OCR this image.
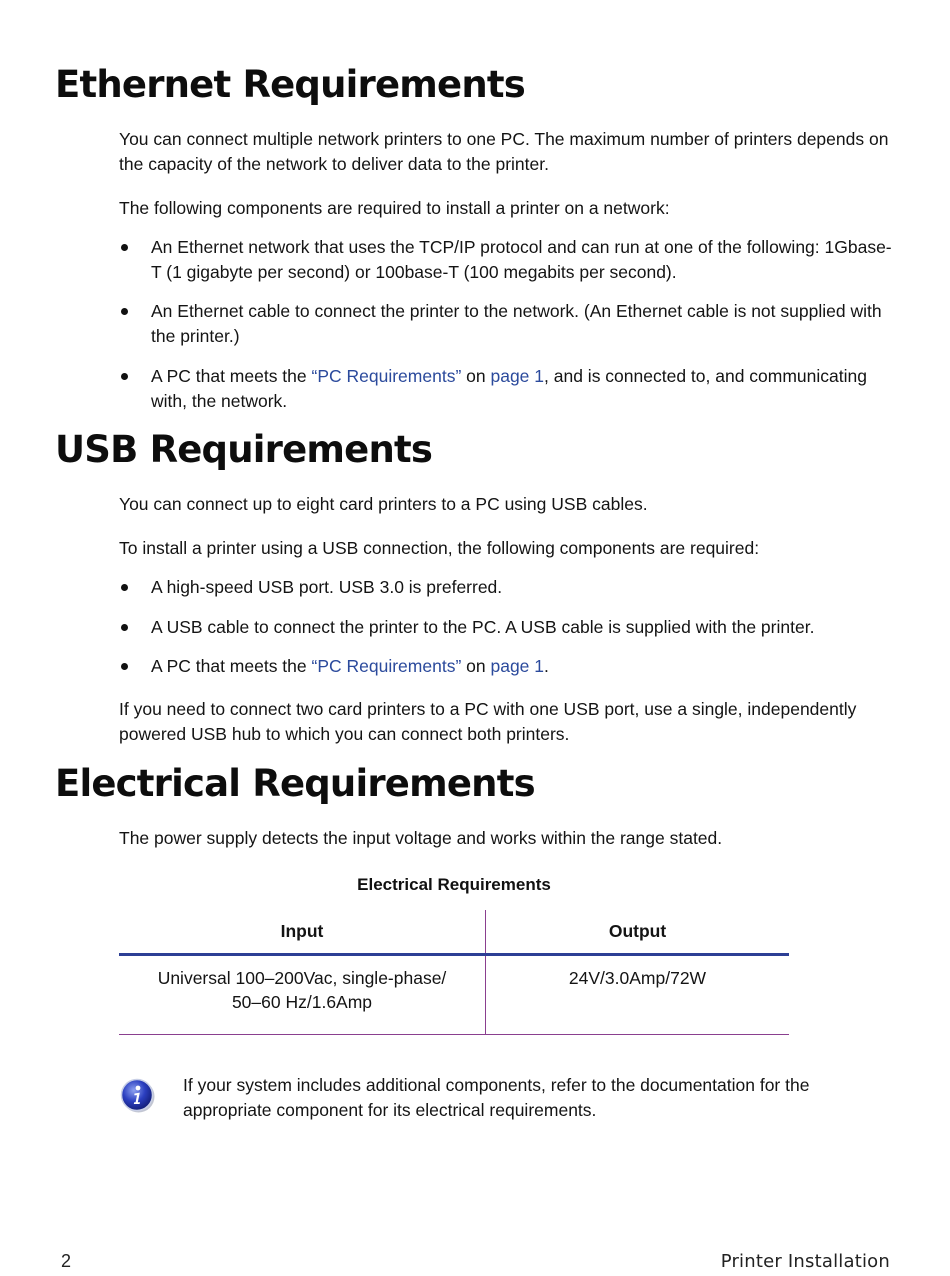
Ethernet Requirements

You can connect multiple network printers to one PC. The maximum number of printers depends on the capacity of the network to deliver data to the printer.

The following components are required to install a printer on a network:

An Ethernet network that uses the TCP/IP protocol and can run at one of the following: 1Gbase-T (1 gigabyte per second) or 100base-T (100 megabits per second).
An Ethernet cable to connect the printer to the network. (An Ethernet cable is not supplied with the printer.)
A PC that meets the “PC Requirements” on page 1, and is connected to, and communicating with, the network.
USB Requirements

You can connect up to eight card printers to a PC using USB cables.

To install a printer using a USB connection, the following components are required:

A high-speed USB port. USB 3.0 is preferred.
A USB cable to connect the printer to the PC. A USB cable is supplied with the printer.
A PC that meets the “PC Requirements” on page 1.

If you need to connect two card printers to a PC with one USB port, use a single, independently powered USB hub to which you can connect both printers.

Electrical Requirements

The power supply detects the input voltage and works within the range stated.

Electrical Requirements
Input	Output

Universal 100–200Vac, single-phase/
50–60 Hz/1.6Amp	24V/3.0Amp/72W

If your system includes additional components, refer to the documentation for the appropriate component for its electrical requirements.

2	Printer Installation
